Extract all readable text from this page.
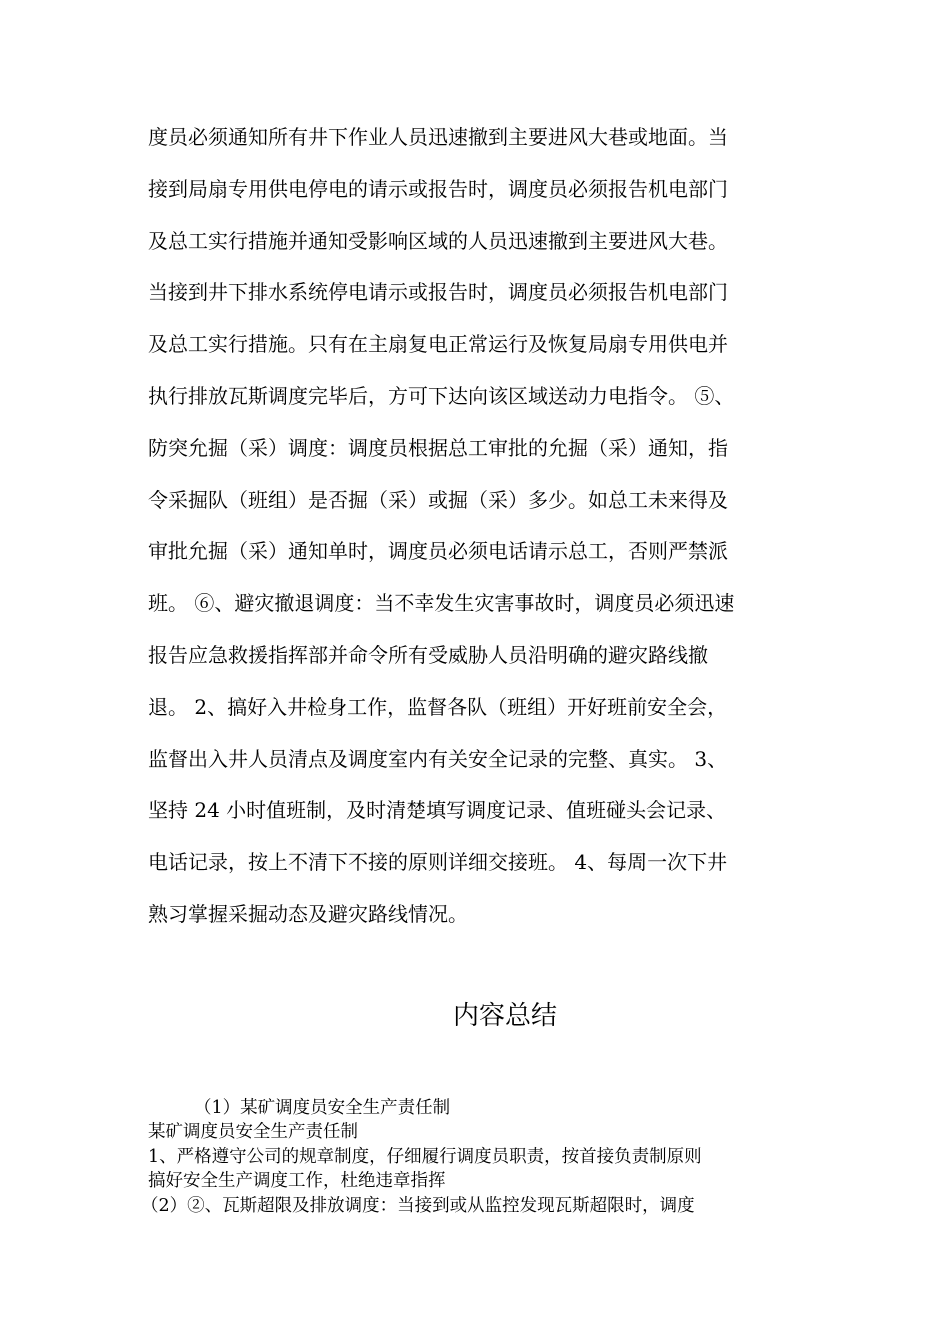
度员必须通知所有井下作业人员迅速撤到主要进风大巷或地面。当
接到局扇专用供电停电的请示或报告时，调度员必须报告机电部门
及总工实行措施并通知受影响区域的人员迅速撤到主要进风大巷。
当接到井下排水系统停电请示或报告时，调度员必须报告机电部门
及总工实行措施。只有在主扇复电正常运行及恢复局扇专用供电并
执行排放瓦斯调度完毕后，方可下达向该区域送动力电指令。 ⑤、
防突允掘（采）调度：调度员根据总工审批的允掘（采）通知，指
令采掘队（班组）是否掘（采）或掘（采）多少。如总工未来得及
审批允掘（采）通知单时，调度员必须电话请示总工，否则严禁派
班。 ⑥、避灾撤退调度：当不幸发生灾害事故时，调度员必须迅速
报告应急救援指挥部并命令所有受威胁人员沿明确的避灾路线撤
退。 2、搞好入井检身工作，监督各队（班组）开好班前安全会，
监督出入井人员清点及调度室内有关安全记录的完整、真实。 3、
坚持 24 小时值班制，及时清楚填写调度记录、值班碰头会记录、
电话记录，按上不清下不接的原则详细交接班。 4、每周一次下井
熟习掌握采掘动态及避灾路线情况。
内容总结
（1）某矿调度员安全生产责任制
某矿调度员安全生产责任制
1、严格遵守公司的规章制度，仔细履行调度员职责，按首接负责制原则
搞好安全生产调度工作，杜绝违章指挥
（2）②、瓦斯超限及排放调度：当接到或从监控发现瓦斯超限时，调度
